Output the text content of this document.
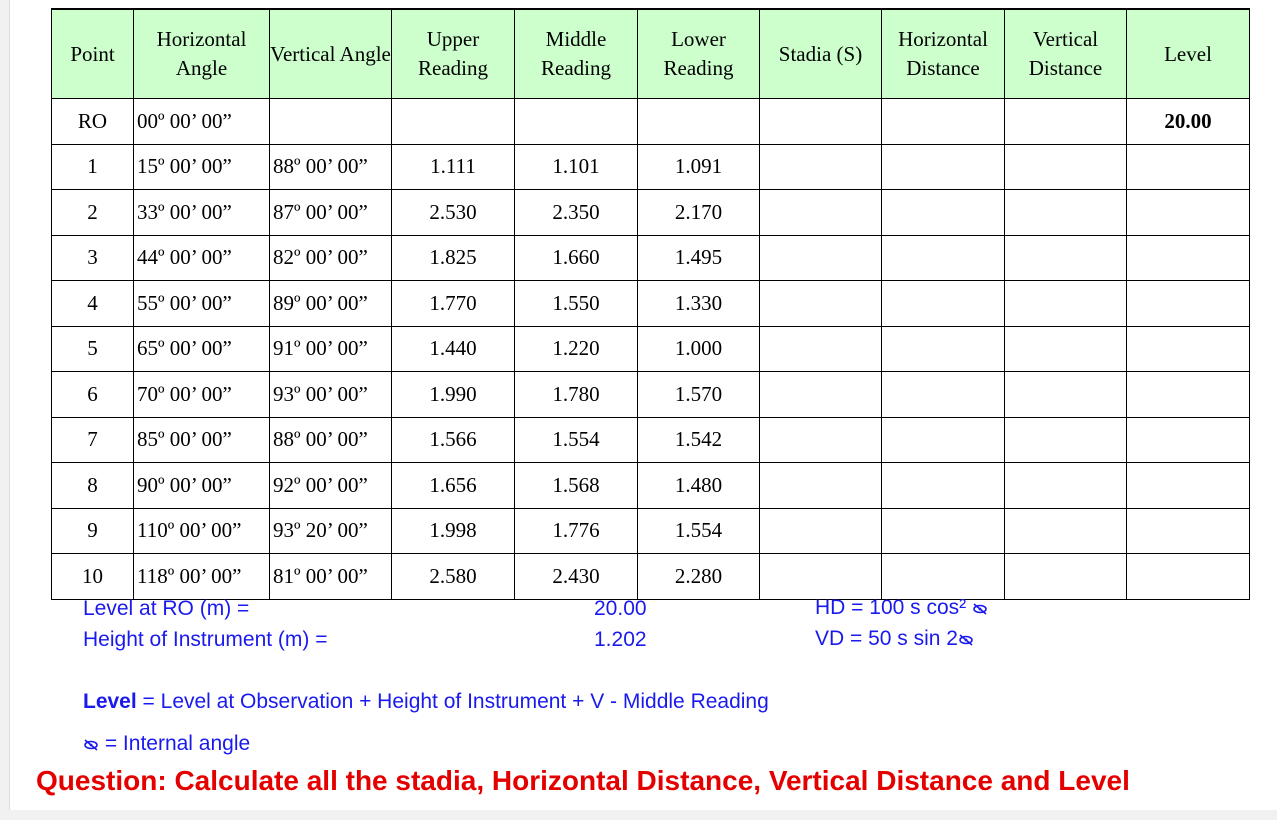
Point	Horizontal Angle	Vertical Angle	Upper Reading	Middle Reading	Lower Reading	Stadia (S)	Horizontal Distance	Vertical Distance	Level
RO	00º 00’ 00”								20.00
1	15º 00’ 00”	88º 00’ 00”	1.111	1.101	1.091				
2	33º 00’ 00”	87º 00’ 00”	2.530	2.350	2.170				
3	44º 00’ 00”	82º 00’ 00”	1.825	1.660	1.495				
4	55º 00’ 00”	89º 00’ 00”	1.770	1.550	1.330				
5	65º 00’ 00”	91º 00’ 00”	1.440	1.220	1.000				
6	70º 00’ 00”	93º 00’ 00”	1.990	1.780	1.570				
7	85º 00’ 00”	88º 00’ 00”	1.566	1.554	1.542				
8	90º 00’ 00”	92º 00’ 00”	1.656	1.568	1.480				
9	110º 00’ 00”	93º 20’ 00”	1.998	1.776	1.554				
10	118º 00’ 00”	81º 00’ 00”	2.580	2.430	2.280				
Level at RO (m) =
Height of Instrument (m) =
20.00
1.202
HD = 100 s cos²
VD = 50 s sin 2
Level = Level at Observation + Height of Instrument + V - Middle Reading
= Internal angle
Question: Calculate all the stadia, Horizontal Distance, Vertical Distance and Level
